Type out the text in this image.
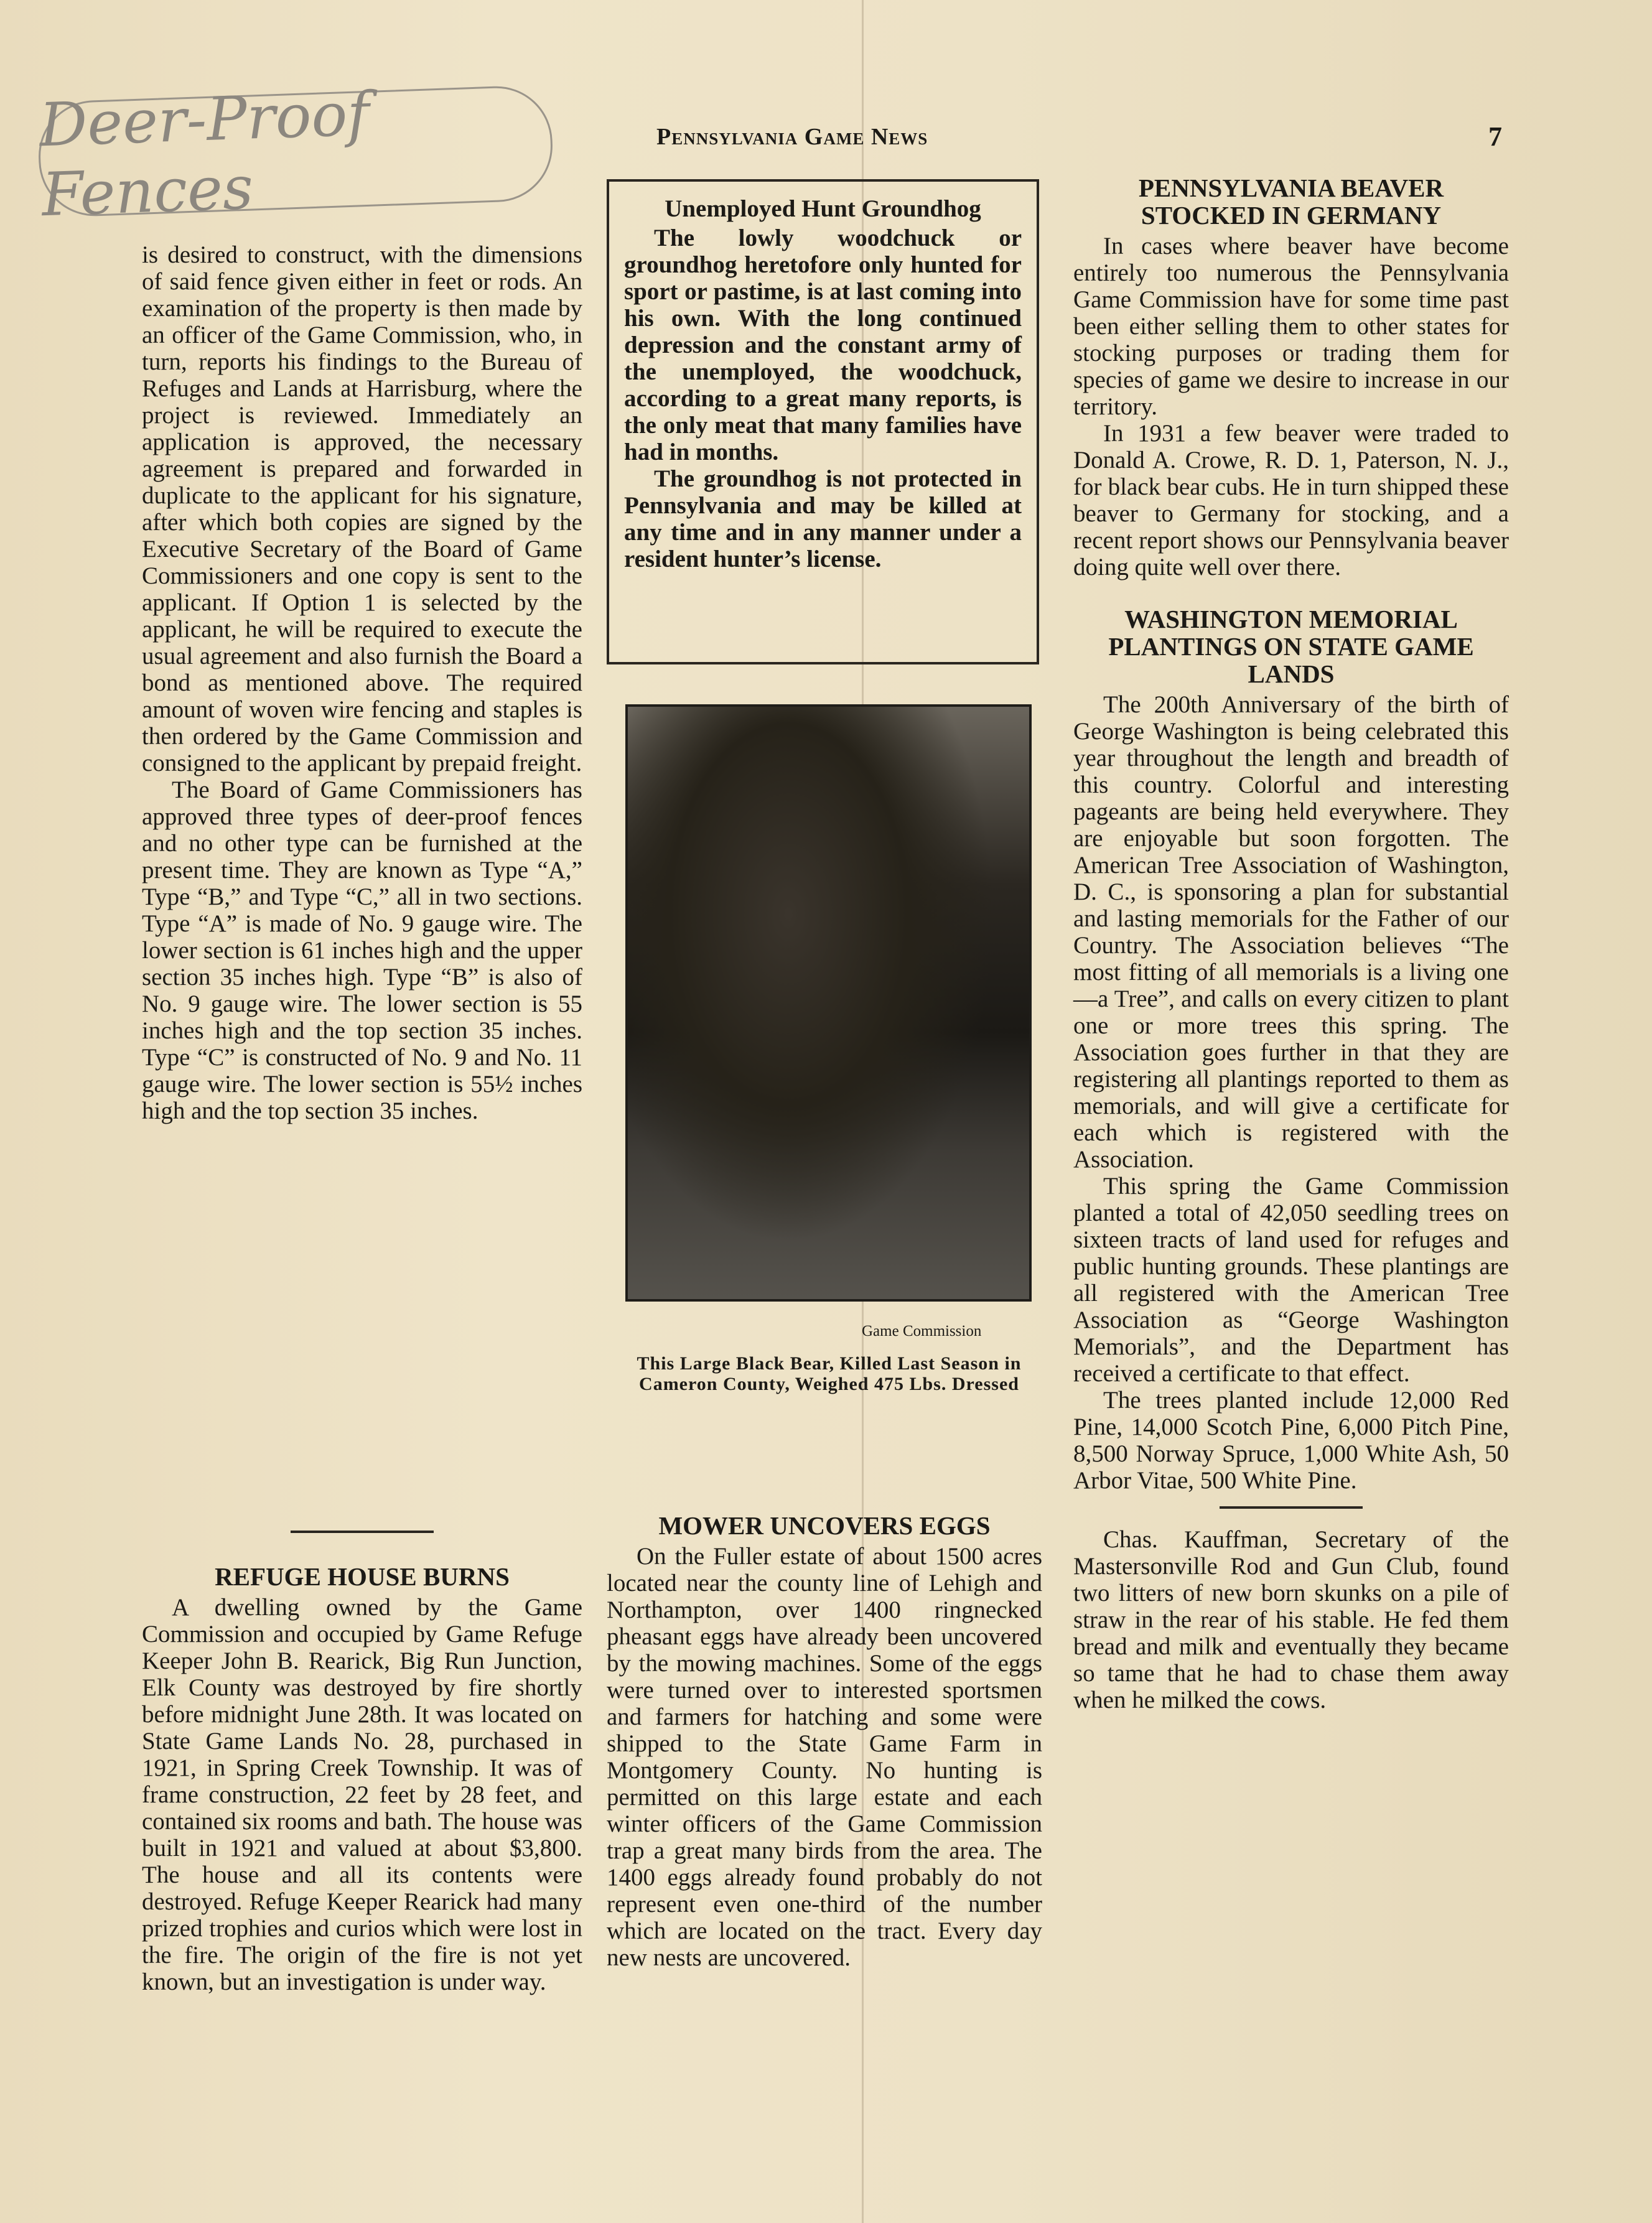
Deer-Proof Fences
Pennsylvania Game News	7

is desired to construct, with the dimensions of said fence given either in feet or rods. An examination of the property is then made by an officer of the Game Commission, who, in turn, reports his findings to the Bureau of Refuges and Lands at Harrisburg, where the project is reviewed. Immediately an application is approved, the necessary agreement is prepared and forwarded in duplicate to the applicant for his signature, after which both copies are signed by the Executive Secretary of the Board of Game Commissioners and one copy is sent to the applicant. If Option 1 is selected by the applicant, he will be required to execute the usual agreement and also furnish the Board a bond as mentioned above. The required amount of woven wire fencing and staples is then ordered by the Game Commission and consigned to the applicant by prepaid freight.

The Board of Game Commissioners has approved three types of deer-proof fences and no other type can be furnished at the present time. They are known as Type “A,” Type “B,” and Type “C,” all in two sections. Type “A” is made of No. 9 gauge wire. The lower section is 61 inches high and the upper section 35 inches high. Type “B” is also of No. 9 gauge wire. The lower section is 55 inches high and the top section 35 inches. Type “C” is constructed of No. 9 and No. 11 gauge wire. The lower section is 55½ inches high and the top section 35 inches.

REFUGE HOUSE BURNS

A dwelling owned by the Game Commission and occupied by Game Refuge Keeper John B. Rearick, Big Run Junction, Elk County was destroyed by fire shortly before midnight June 28th. It was located on State Game Lands No. 28, purchased in 1921, in Spring Creek Township. It was of frame construction, 22 feet by 28 feet, and contained six rooms and bath. The house was built in 1921 and valued at about $3,800. The house and all its contents were destroyed. Refuge Keeper Rearick had many prized trophies and curios which were lost in the fire. The origin of the fire is not yet known, but an investigation is under way.

Unemployed Hunt Groundhog

The lowly woodchuck or groundhog heretofore only hunted for sport or pastime, is at last coming into his own. With the long continued depression and the constant army of the unemployed, the woodchuck, according to a great many reports, is the only meat that many families have had in months.

The groundhog is not protected in Pennsylvania and may be killed at any time and in any manner under a resident hunter’s license.

Game Commission
This Large Black Bear, Killed Last Season in Cameron County, Weighed 475 Lbs. Dressed
MOWER UNCOVERS EGGS

On the Fuller estate of about 1500 acres located near the county line of Lehigh and Northampton, over 1400 ringnecked pheasant eggs have already been uncovered by the mowing machines. Some of the eggs were turned over to interested sportsmen and farmers for hatching and some were shipped to the State Game Farm in Montgomery County. No hunting is permitted on this large estate and each winter officers of the Game Commission trap a great many birds from the area. The 1400 eggs already found probably do not represent even one-third of the number which are located on the tract. Every day new nests are uncovered.

PENNSYLVANIA BEAVER STOCKED IN GERMANY

In cases where beaver have become entirely too numerous the Pennsylvania Game Commission have for some time past been either selling them to other states for stocking purposes or trading them for species of game we desire to increase in our territory.

In 1931 a few beaver were traded to Donald A. Crowe, R. D. 1, Paterson, N. J., for black bear cubs. He in turn shipped these beaver to Germany for stocking, and a recent report shows our Pennsylvania beaver doing quite well over there.

WASHINGTON MEMORIAL PLANTINGS ON STATE GAME LANDS

The 200th Anniversary of the birth of George Washington is being celebrated this year throughout the length and breadth of this country. Colorful and interesting pageants are being held everywhere. They are enjoyable but soon forgotten. The American Tree Association of Washington, D. C., is sponsoring a plan for substantial and lasting memorials for the Father of our Country. The Association believes “The most fitting of all memorials is a living one—a Tree”, and calls on every citizen to plant one or more trees this spring. The Association goes further in that they are registering all plantings reported to them as memorials, and will give a certificate for each which is registered with the Association.

This spring the Game Commission planted a total of 42,050 seedling trees on sixteen tracts of land used for refuges and public hunting grounds. These plantings are all registered with the American Tree Association as “George Washington Memorials”, and the Department has received a certificate to that effect.

The trees planted include 12,000 Red Pine, 14,000 Scotch Pine, 6,000 Pitch Pine, 8,500 Norway Spruce, 1,000 White Ash, 50 Arbor Vitae, 500 White Pine.

Chas. Kauffman, Secretary of the Mastersonville Rod and Gun Club, found two litters of new born skunks on a pile of straw in the rear of his stable. He fed them bread and milk and eventually they became so tame that he had to chase them away when he milked the cows.
